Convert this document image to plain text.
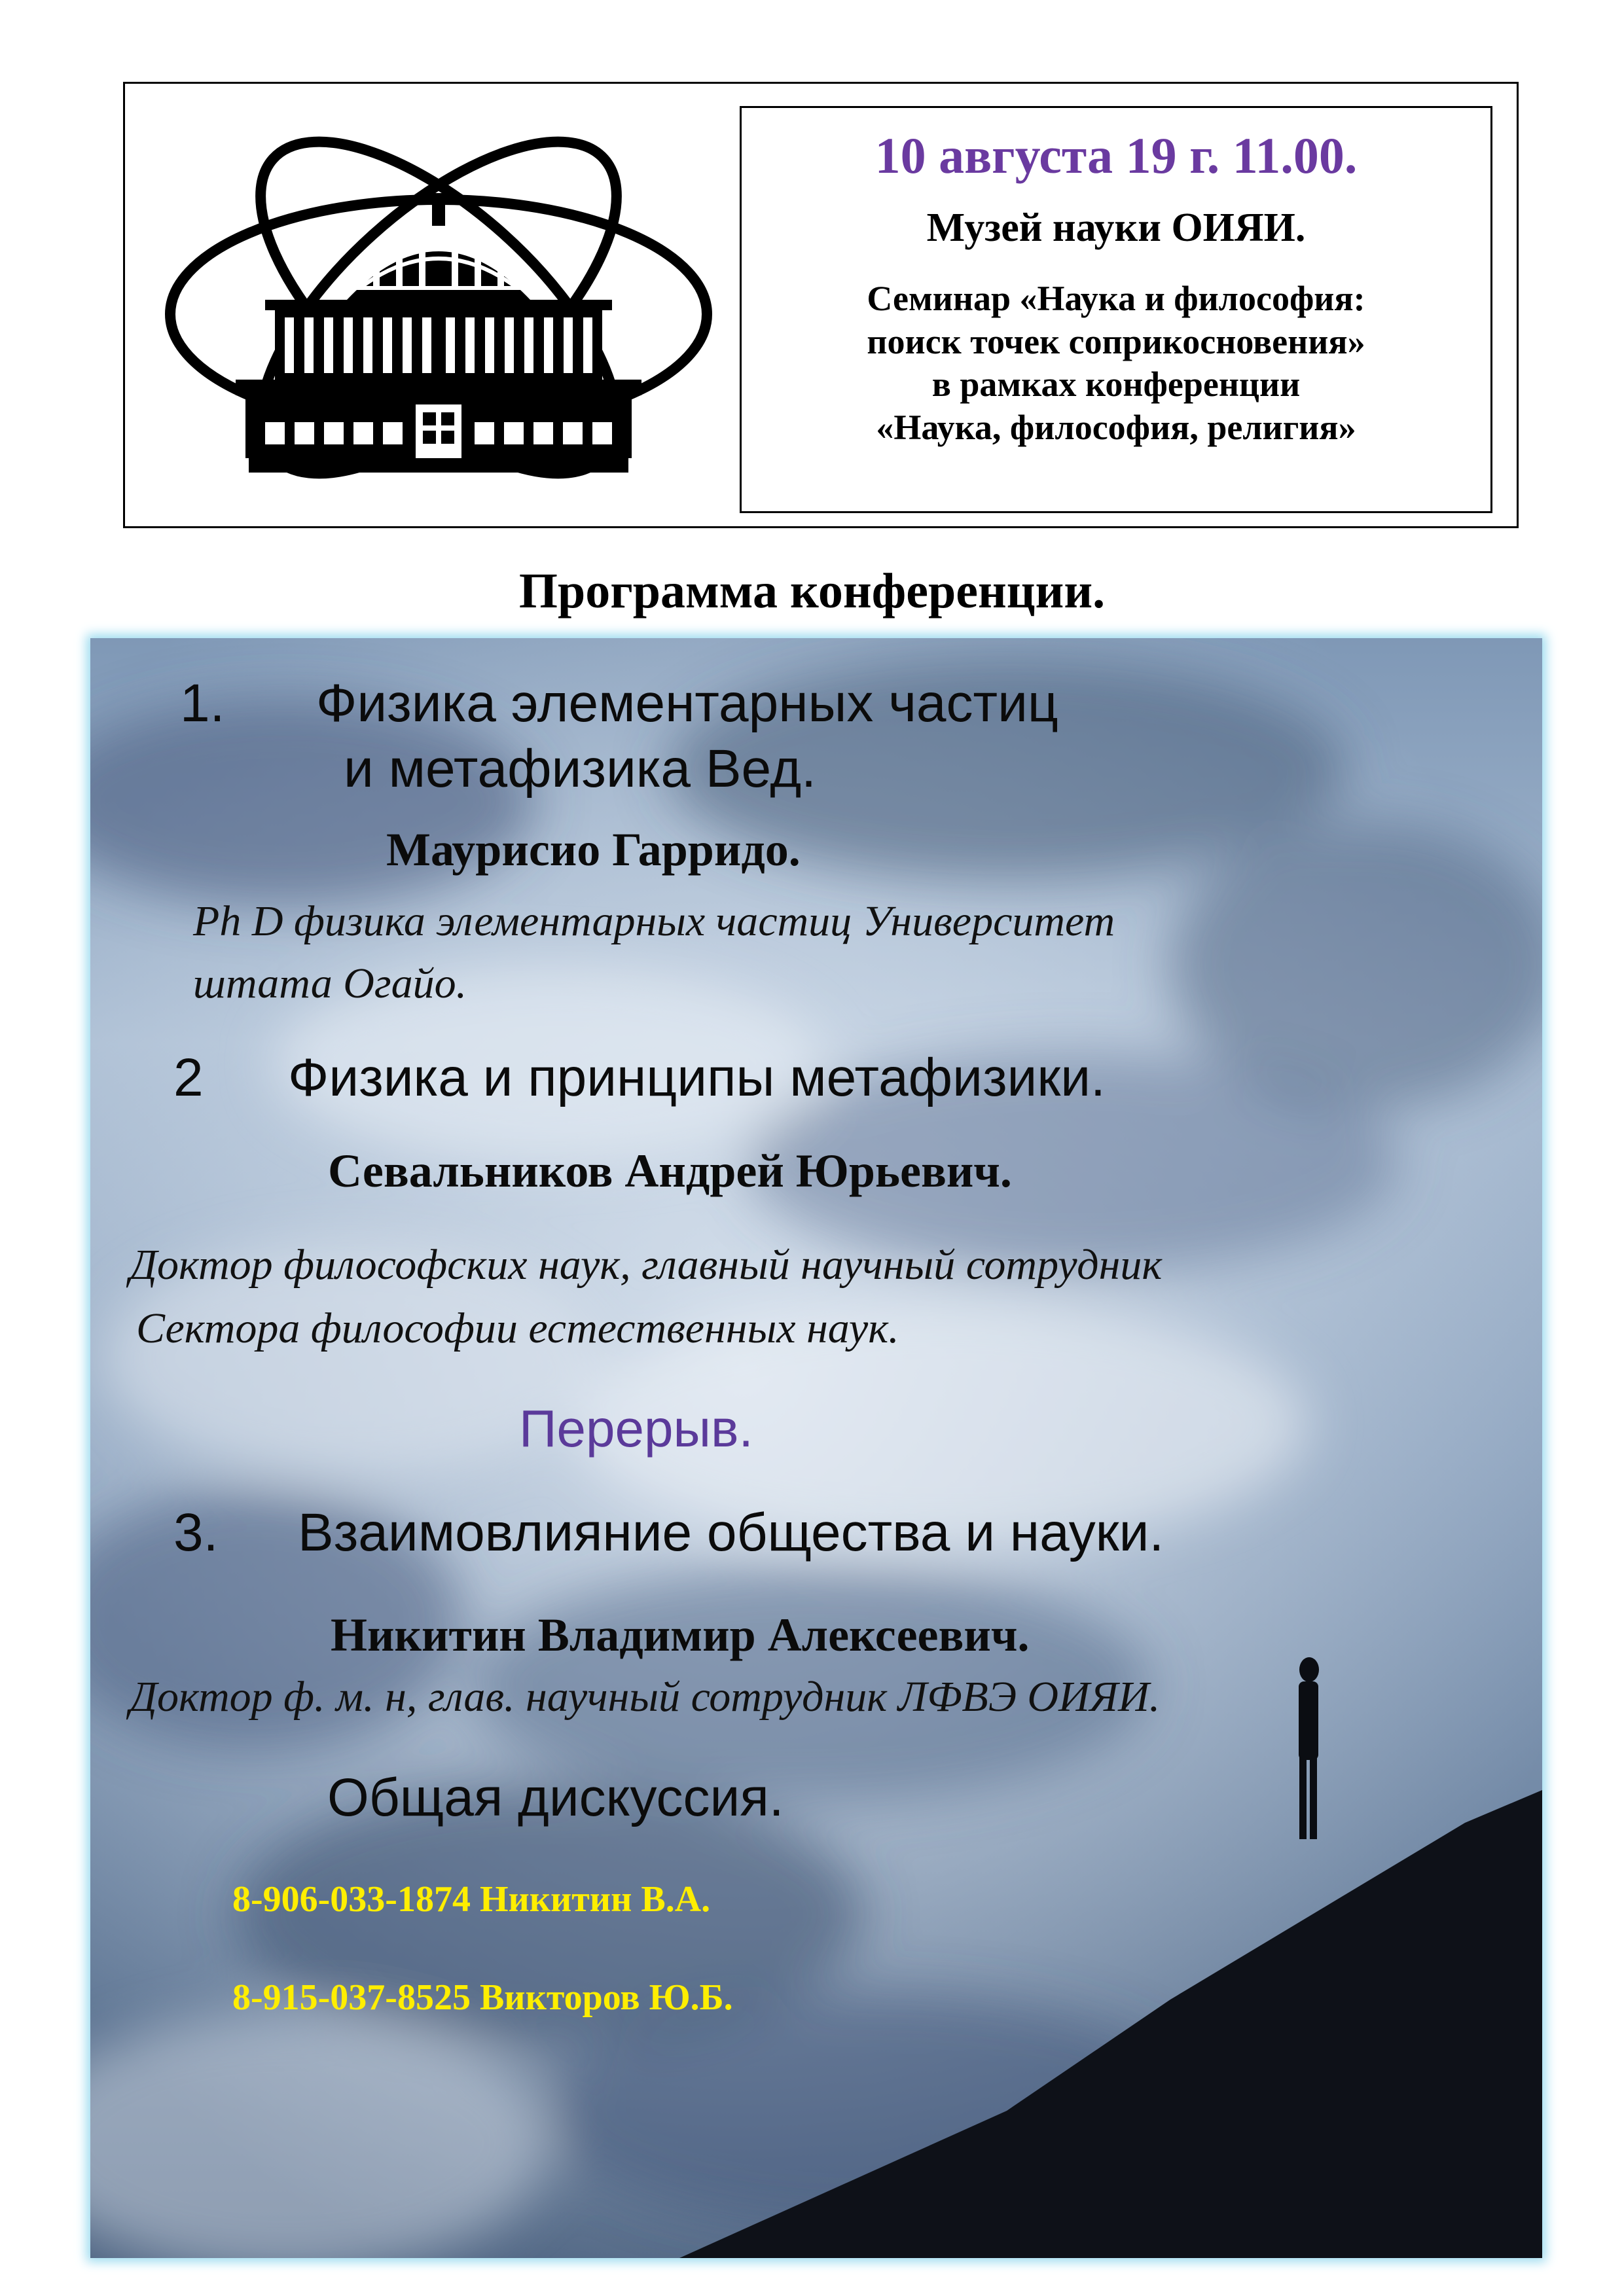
10 августа 19 г. 11.00.
Музей науки ОИЯИ.
Семинар «Наука и философия:
поиск точек соприкосновения»
в рамках конференции
«Наука, философия, религия»
Программа конференции.
1. Физика элементарных частиц
и метафизика Вед.
Маурисио Гарридо.
Ph D физика элементарных частиц Университет
штата Огайо.
2 Физика и принципы метафизики.
Севальников Андрей Юрьевич.
Доктор философских наук, главный научный сотрудник
Сектора философии естественных наук.
Перерыв.
3. Взаимовлияние общества и науки.
Никитин Владимир Алексеевич.
Доктор ф. м. н, глав. научный сотрудник ЛФВЭ ОИЯИ.
Общая дискуссия.
8-906-033-1874 Никитин В.А.
8-915-037-8525 Викторов Ю.Б.
